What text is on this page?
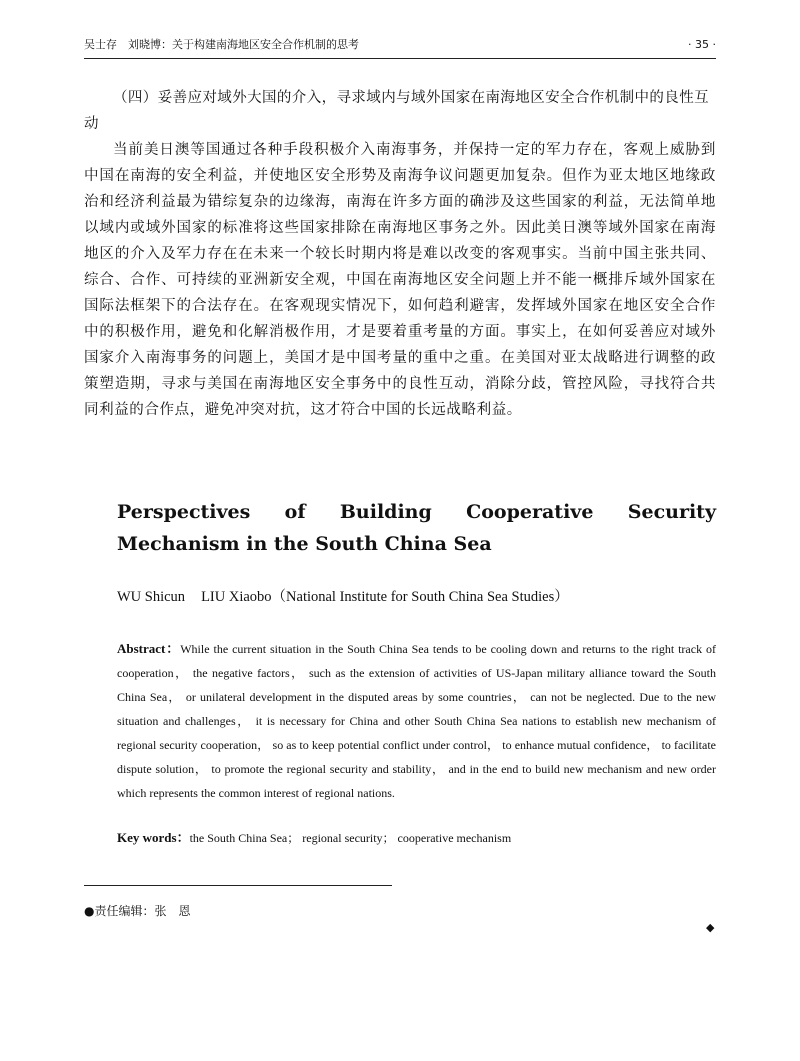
吴士存　刘晓博：关于构建南海地区安全合作机制的思考	· 35 ·
（四）妥善应对域外大国的介入，寻求域内与域外国家在南海地区安全合作机制中的良性互动
当前美日澳等国通过各种手段积极介入南海事务，并保持一定的军力存在，客观上威胁到中国在南海的安全利益，并使地区安全形势及南海争议问题更加复杂。但作为亚太地区地缘政治和经济利益最为错综复杂的边缘海，南海在许多方面的确涉及这些国家的利益，无法简单地以域内或域外国家的标准将这些国家排除在南海地区事务之外。因此美日澳等域外国家在南海地区的介入及军力存在在未来一个较长时期内将是难以改变的客观事实。当前中国主张共同、综合、合作、可持续的亚洲新安全观，中国在南海地区安全问题上并不能一概排斥域外国家在国际法框架下的合法存在。在客观现实情况下，如何趋利避害，发挥域外国家在地区安全合作中的积极作用，避免和化解消极作用，才是要着重考量的方面。事实上，在如何妥善应对域外国家介入南海事务的问题上，美国才是中国考量的重中之重。在美国对亚太战略进行调整的政策塑造期，寻求与美国在南海地区安全事务中的良性互动，消除分歧，管控风险，寻找符合共同利益的合作点，避免冲突对抗，这才符合中国的长远战略利益。
Perspectives of Building Cooperative Security Mechanism in the South China Sea
WU Shicun LIU Xiaobo（National Institute for South China Sea Studies）
Abstract：While the current situation in the South China Sea tends to be cooling down and returns to the right track of cooperation， the negative factors， such as the extension of activities of US-Japan military alliance toward the South China Sea， or unilateral development in the disputed areas by some countries， can not be neglected. Due to the new situation and challenges， it is necessary for China and other South China Sea nations to establish new mechanism of regional security cooperation， so as to keep potential conflict under control， to enhance mutual confidence， to facilitate dispute solution， to promote the regional security and stability， and in the end to build new mechanism and new order which represents the common interest of regional nations.
Key words：the South China Sea； regional security； cooperative mechanism
●责任编辑：张　恩
◆
